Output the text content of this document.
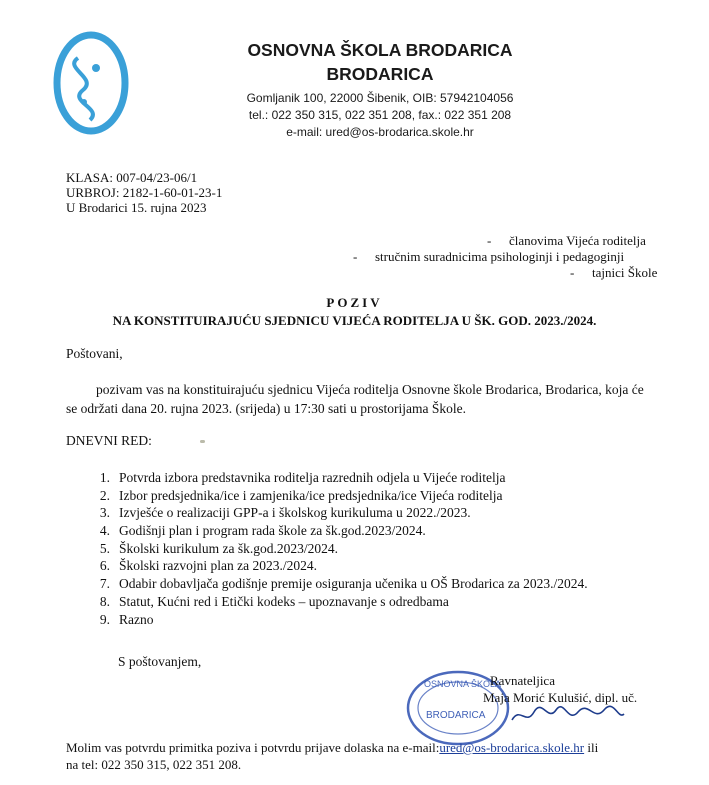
OSNOVNA ŠKOLA BRODARICA
BRODARICA
Gomljanik 100, 22000 Šibenik, OIB: 57942104056
tel.: 022 350 315, 022 351 208, fax.: 022 351 208
e-mail: ured@os-brodarica.skole.hr
KLASA: 007-04/23-06/1
URBROJ: 2182-1-60-01-23-1
U Brodarici 15. rujna 2023
- članovima Vijeća roditelja
- stručnim suradnicima psihologinji i pedagoginji
- tajnici Škole
POZIV
NA KONSTITUIRAJUĆU SJEDNICU VIJEĆA RODITELJA U ŠK. GOD. 2023./2024.
Poštovani,
pozivam vas na konstituirajuću sjednicu Vijeća roditelja Osnovne škole Brodarica, Brodarica, koja će se održati dana 20. rujna 2023. (srijeda) u 17:30 sati u prostorijama Škole.
DNEVNI RED:
1. Potvrda izbora predstavnika roditelja razrednih odjela u Vijeće roditelja
2. Izbor predsjednika/ice i zamjenika/ice predsjednika/ice Vijeća roditelja
3. Izvješće o realizaciji GPP-a i školskog kurikuluma u 2022./2023.
4. Godišnji plan i program rada škole za šk.god.2023/2024.
5. Školski kurikulum za šk.god.2023/2024.
6. Školski razvojni plan za 2023./2024.
7. Odabir dobavljača godišnje premije osiguranja učenika u OŠ Brodarica za 2023./2024.
8. Statut, Kućni red i Etički kodeks – upoznavanje s odredbama
9. Razno
S poštovanjem,
OSNOVNA ŠKOLA
BRODARICA
Ravnateljica
Maja Morić Kulušić, dipl. uč.
Molim vas potvrdu primitka poziva i potvrdu prijave dolaska na e-mail:ured@os-brodarica.skole.hr ili
na tel: 022 350 315, 022 351 208.
